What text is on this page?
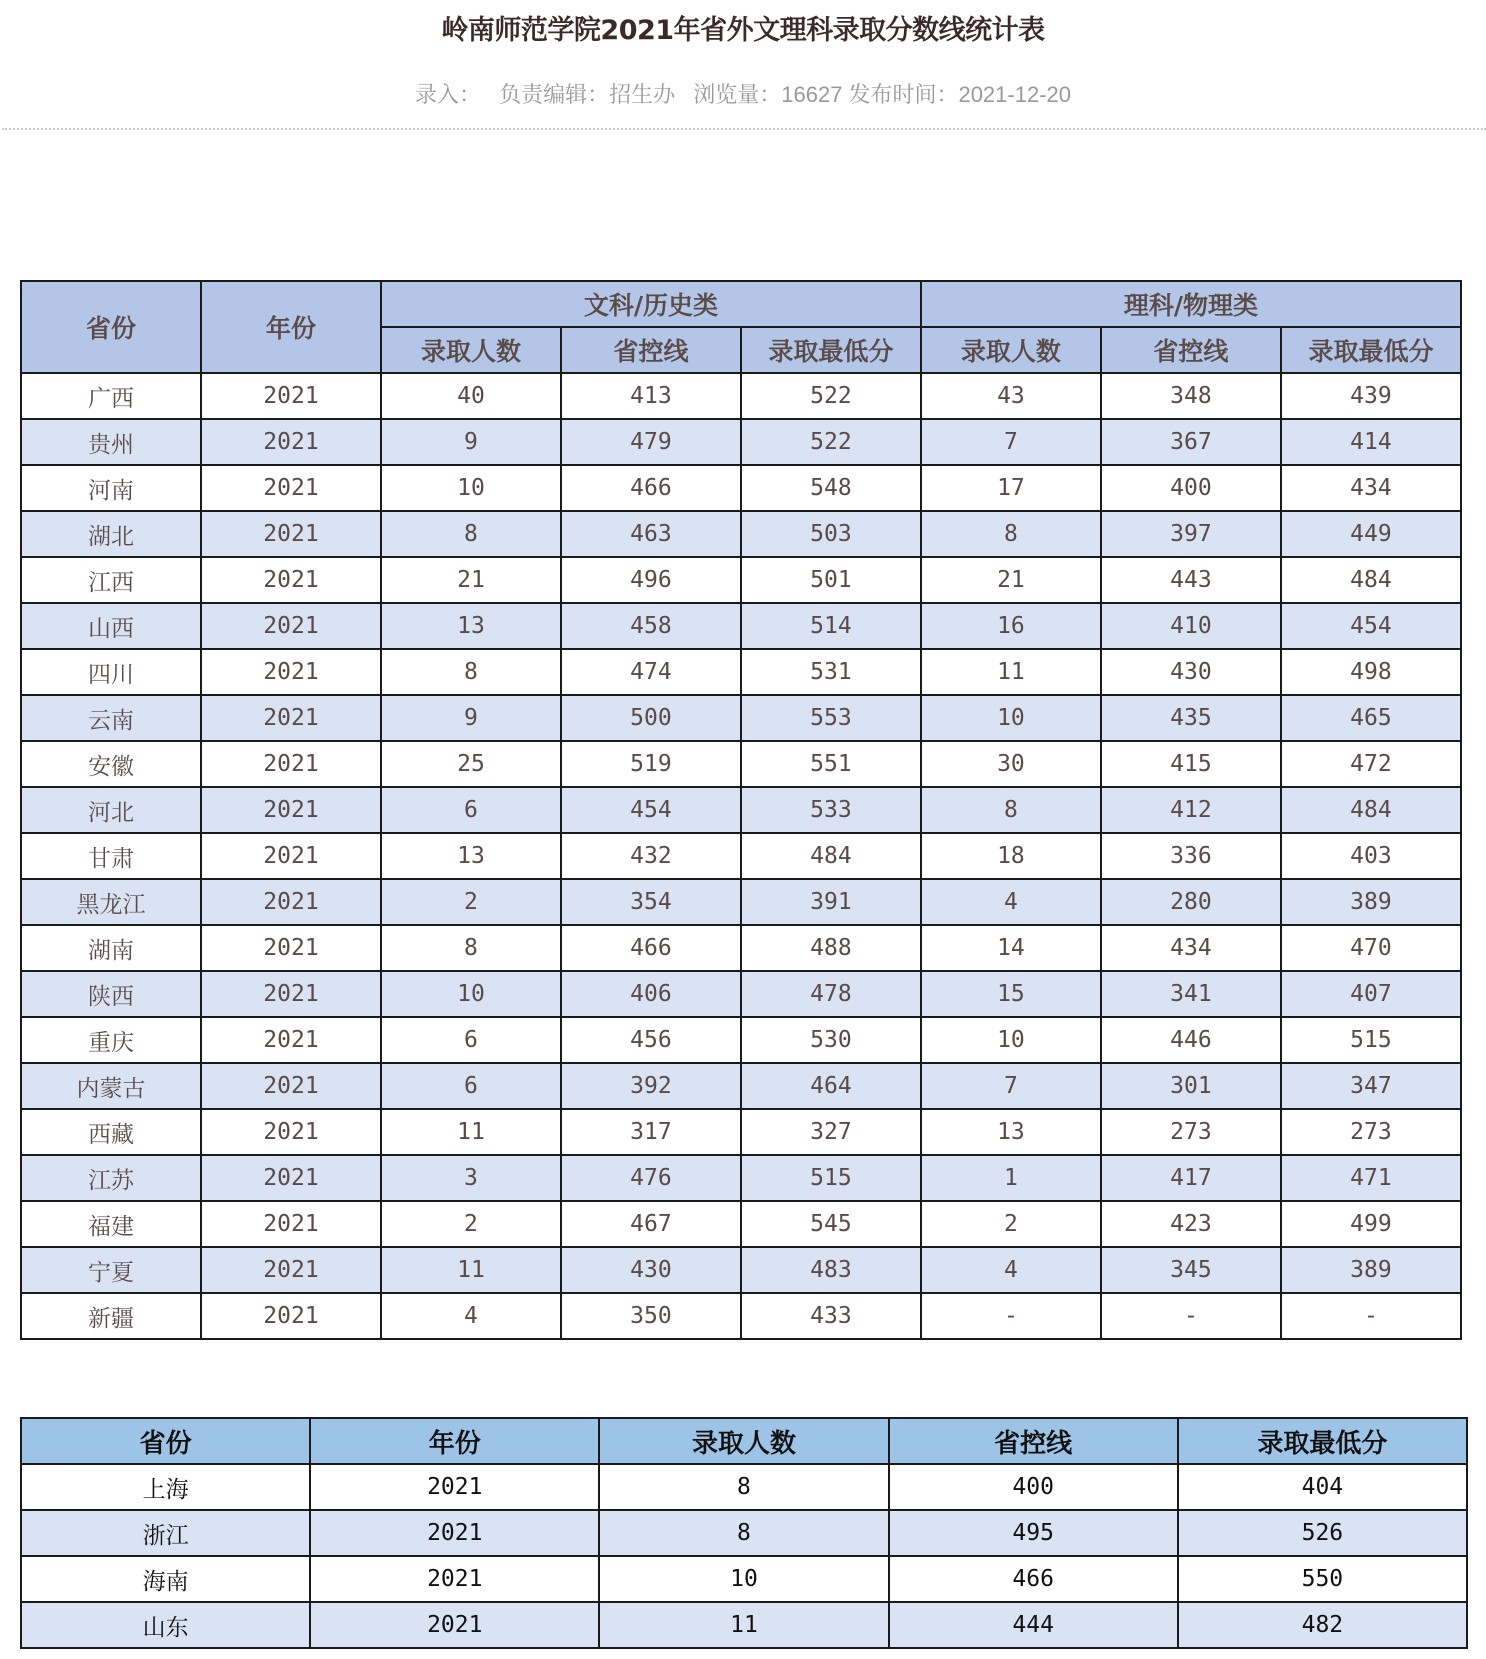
岭南师范学院2021年省外文理科录取分数线统计表
录入： 负责编辑：招生办 浏览量：16627 发布时间：2021-12-20
省份	年份	文科/历史类			理科/物理类		
		录取人数	省控线	录取最低分	录取人数	省控线	录取最低分
广西	2021	40	413	522	43	348	439
贵州	2021	9	479	522	7	367	414
河南	2021	10	466	548	17	400	434
湖北	2021	8	463	503	8	397	449
江西	2021	21	496	501	21	443	484
山西	2021	13	458	514	16	410	454
四川	2021	8	474	531	11	430	498
云南	2021	9	500	553	10	435	465
安徽	2021	25	519	551	30	415	472
河北	2021	6	454	533	8	412	484
甘肃	2021	13	432	484	18	336	403
黑龙江	2021	2	354	391	4	280	389
湖南	2021	8	466	488	14	434	470
陕西	2021	10	406	478	15	341	407
重庆	2021	6	456	530	10	446	515
内蒙古	2021	6	392	464	7	301	347
西藏	2021	11	317	327	13	273	273
江苏	2021	3	476	515	1	417	471
福建	2021	2	467	545	2	423	499
宁夏	2021	11	430	483	4	345	389
新疆	2021	4	350	433	-	-	-
省份	年份	录取人数	省控线	录取最低分
上海	2021	8	400	404
浙江	2021	8	495	526
海南	2021	10	466	550
山东	2021	11	444	482
